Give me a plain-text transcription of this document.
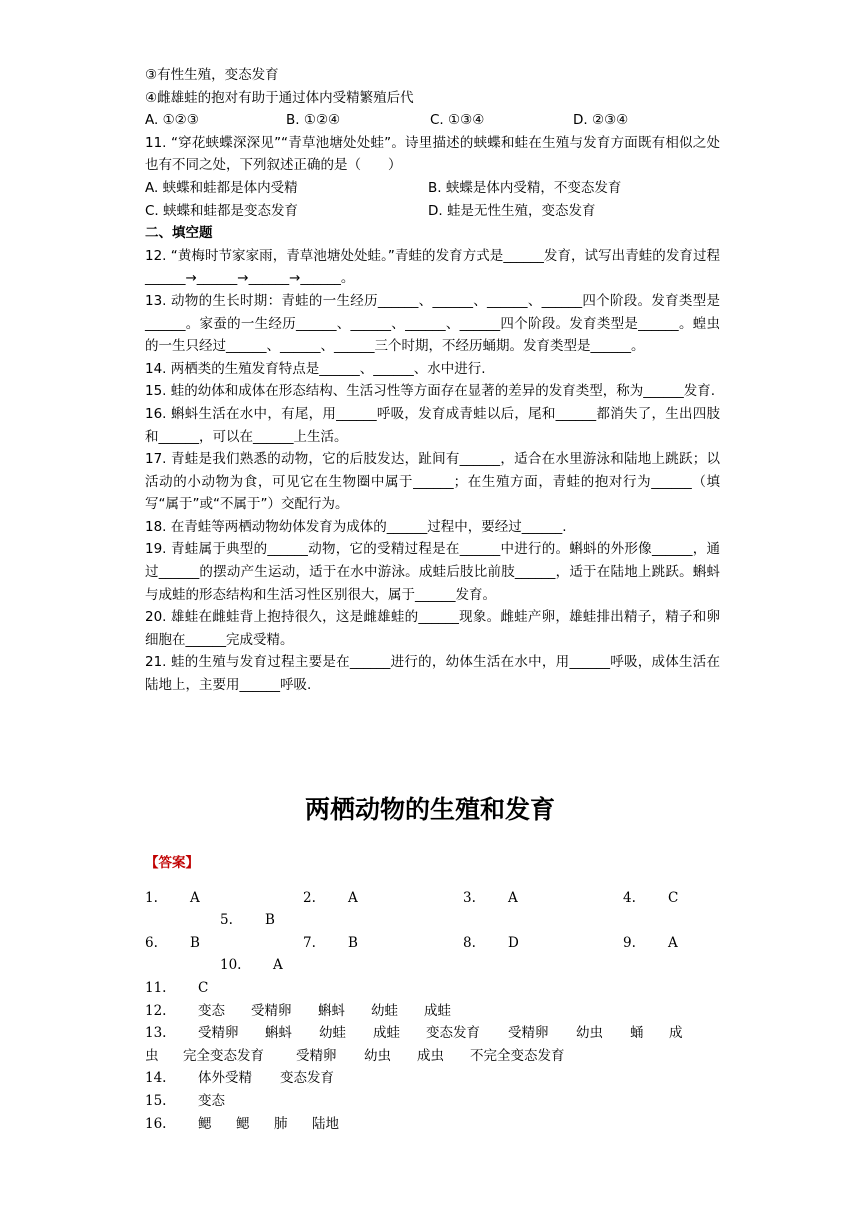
③有性生殖，变态发育
④雌雄蛙的抱对有助于通过体内受精繁殖后代
A. ①②③	B. ①②④	C. ①③④	D. ②③④
11. “穿花蛱蝶深深见”“青草池塘处处蛙”。诗里描述的蛱蝶和蛙在生殖与发育方面既有相似之处也有不同之处，下列叙述正确的是（　　）
A. 蛱蝶和蛙都是体内受精	B. 蛱蝶是体内受精，不变态发育
C. 蛱蝶和蛙都是变态发育	D. 蛙是无性生殖，变态发育
二、填空题
12. “黄梅时节家家雨，青草池塘处处蛙。”青蛙的发育方式是______发育，试写出青蛙的发育过程______→______→______→______。
13. 动物的生长时期：青蛙的一生经历______、______、______、______四个阶段。发育类型是______。家蚕的一生经历______、______、______、______四个阶段。发育类型是______。蝗虫的一生只经过______、______、______三个时期，不经历蛹期。发育类型是______。
14. 两栖类的生殖发育特点是______、______、水中进行.
15. 蛙的幼体和成体在形态结构、生活习性等方面存在显著的差异的发育类型，称为______发育.
16. 蝌蚪生活在水中，有尾，用______呼吸，发育成青蛙以后，尾和______都消失了，生出四肢和______，可以在______上生活。
17. 青蛙是我们熟悉的动物，它的后肢发达，趾间有______，适合在水里游泳和陆地上跳跃；以活动的小动物为食，可见它在生物圈中属于______；在生殖方面，青蛙的抱对行为______（填写“属于”或“不属于”）交配行为。
18. 在青蛙等两栖动物幼体发育为成体的______过程中，要经过______.
19. 青蛙属于典型的______动物，它的受精过程是在______中进行的。蝌蚪的外形像______，通过______的摆动产生运动，适于在水中游泳。成蛙后肢比前肢______，适于在陆地上跳跃。蝌蚪与成蛙的形态结构和生活习性区别很大，属于______发育。
20. 雄蛙在雌蛙背上抱持很久，这是雌雄蛙的______现象。雌蛙产卵，雄蛙排出精子，精子和卵细胞在______完成受精。
21. 蛙的生殖与发育过程主要是在______进行的，幼体生活在水中，用______呼吸，成体生活在陆地上，主要用______呼吸.
两栖动物的生殖和发育
【答案】
1. A	2. A	3. A	4. C
5. B
6. B	7. B	8. D	9. A
10. A
11. C
12. 变态 受精卵 蝌蚪 幼蛙 成蛙
13. 受精卵 蝌蚪 幼蛙 成蛙 变态发育 受精卵 幼虫 蛹 成
虫 完全变态发育 受精卵 幼虫 成虫 不完全变态发育
14. 体外受精 变态发育
15. 变态
16. 鳃 鳃 肺 陆地
